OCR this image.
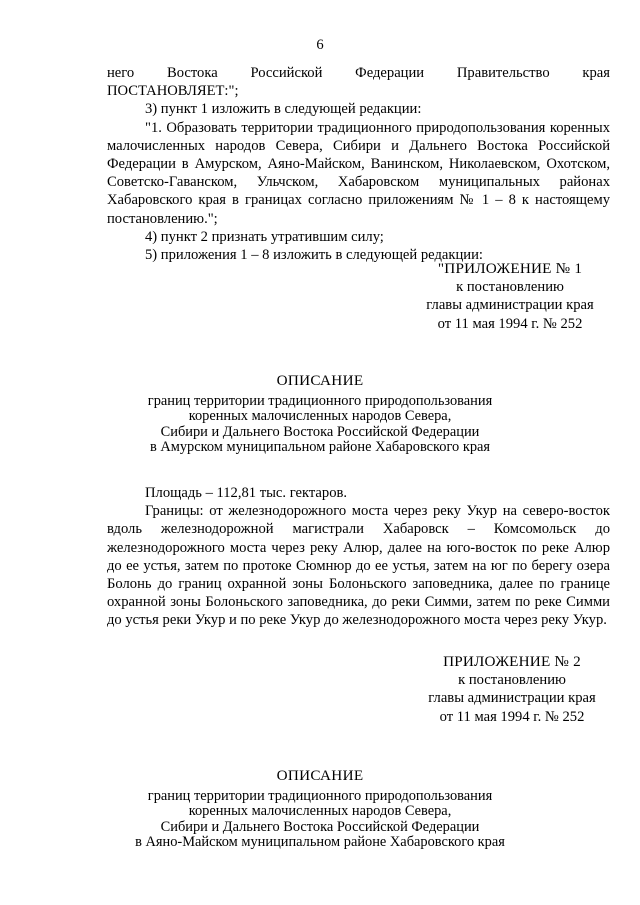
6

него Востока Российской Федерации Правительство края

ПОСТАНОВЛЯЕТ:";

3) пункт 1 изложить в следующей редакции:

"1. Образовать территории традиционного природопользования коренных малочисленных народов Севера, Сибири и Дальнего Востока Российской Федерации в Амурском, Аяно-Майском, Ванинском, Николаевском, Охотском, Советско-Гаванском, Ульчском, Хабаровском муниципальных районах Хабаровского края в границах согласно приложениям № 1 – 8 к настоящему постановлению.";

4) пункт 2 признать утратившим силу;

5) приложения 1 – 8 изложить в следующей редакции:

"ПРИЛОЖЕНИЕ № 1
к постановлению
главы администрации края
от 11 мая 1994 г. № 252
ОПИСАНИЕ
границ территории традиционного природопользования
коренных малочисленных народов Севера,
Сибири и Дальнего Востока Российской Федерации
в Амурском муниципальном районе Хабаровского края

Площадь – 112,81 тыс. гектаров.

Границы: от железнодорожного моста через реку Укур на северо-восток вдоль железнодорожной магистрали Хабаровск – Комсомольск до железнодорожного моста через реку Алюр, далее на юго-восток по реке Алюр до ее устья, затем по протоке Сюмнюр до ее устья, затем на юг по берегу озера Болонь до границ охранной зоны Болоньского заповедника, далее по границе охранной зоны Болоньского заповедника, до реки Симми, затем по реке Симми до устья реки Укур и по реке Укур до железнодорожного моста через реку Укур.

ПРИЛОЖЕНИЕ № 2
к постановлению
главы администрации края
от 11 мая 1994 г. № 252
ОПИСАНИЕ
границ территории традиционного природопользования
коренных малочисленных народов Севера,
Сибири и Дальнего Востока Российской Федерации
в Аяно-Майском муниципальном районе Хабаровского края
